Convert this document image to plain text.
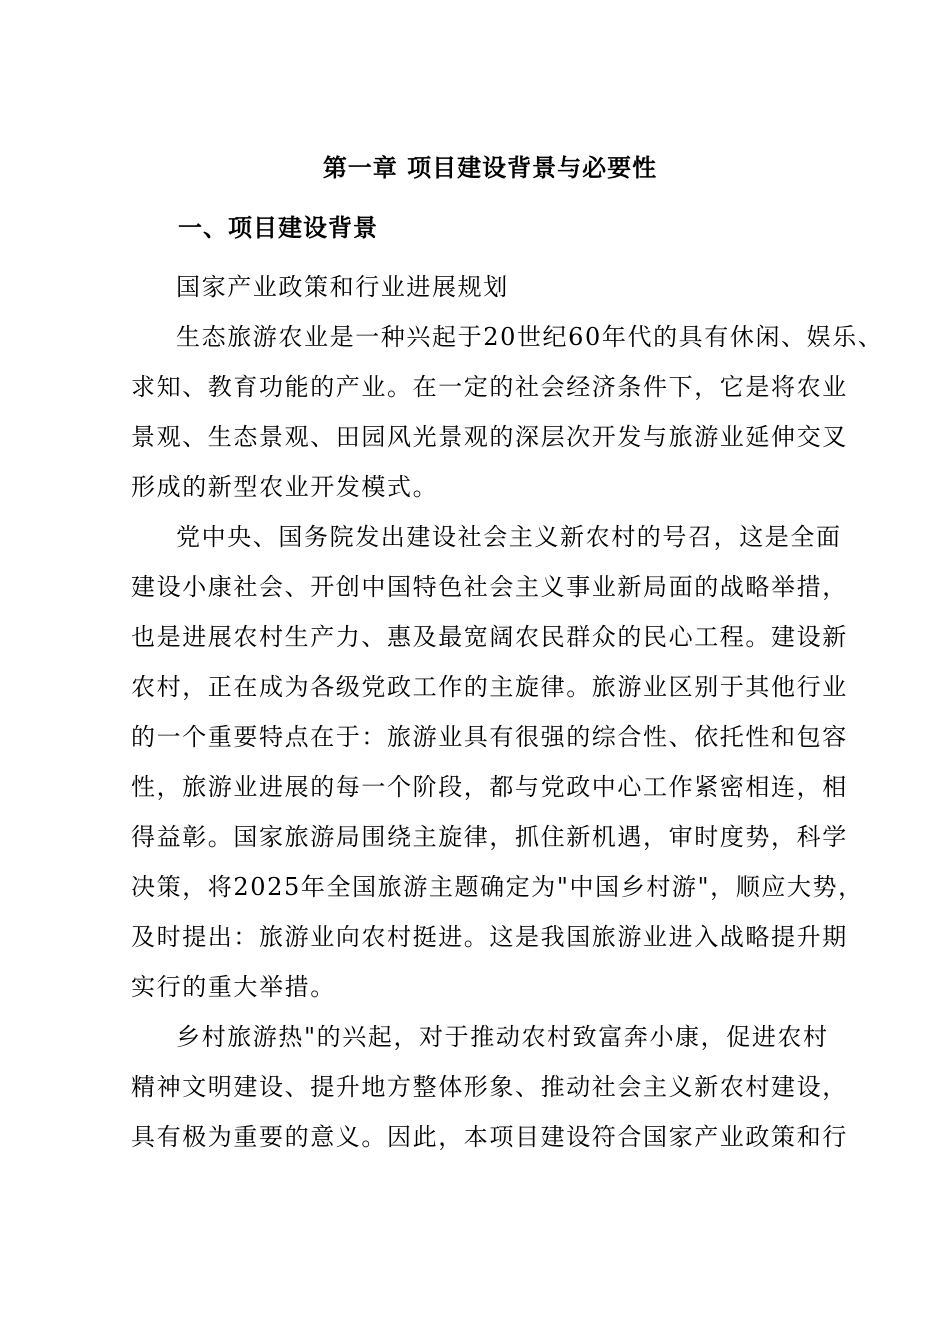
第一章 项目建设背景与必要性
一、项目建设背景
国家产业政策和行业进展规划
生态旅游农业是一种兴起于20世纪60年代的具有休闲、娱乐、
求知、教育功能的产业。在一定的社会经济条件下，它是将农业
景观、生态景观、田园风光景观的深层次开发与旅游业延伸交叉
形成的新型农业开发模式。
党中央、国务院发出建设社会主义新农村的号召，这是全面
建设小康社会、开创中国特色社会主义事业新局面的战略举措，
也是进展农村生产力、惠及最宽阔农民群众的民心工程。建设新
农村，正在成为各级党政工作的主旋律。旅游业区别于其他行业
的一个重要特点在于：旅游业具有很强的综合性、依托性和包容
性，旅游业进展的每一个阶段，都与党政中心工作紧密相连，相
得益彰。国家旅游局围绕主旋律，抓住新机遇，审时度势，科学
决策，将2025年全国旅游主题确定为"中国乡村游"，顺应大势，
及时提出：旅游业向农村挺进。这是我国旅游业进入战略提升期
实行的重大举措。
乡村旅游热"的兴起，对于推动农村致富奔小康，促进农村
精神文明建设、提升地方整体形象、推动社会主义新农村建设，
具有极为重要的意义。因此，本项目建设符合国家产业政策和行
